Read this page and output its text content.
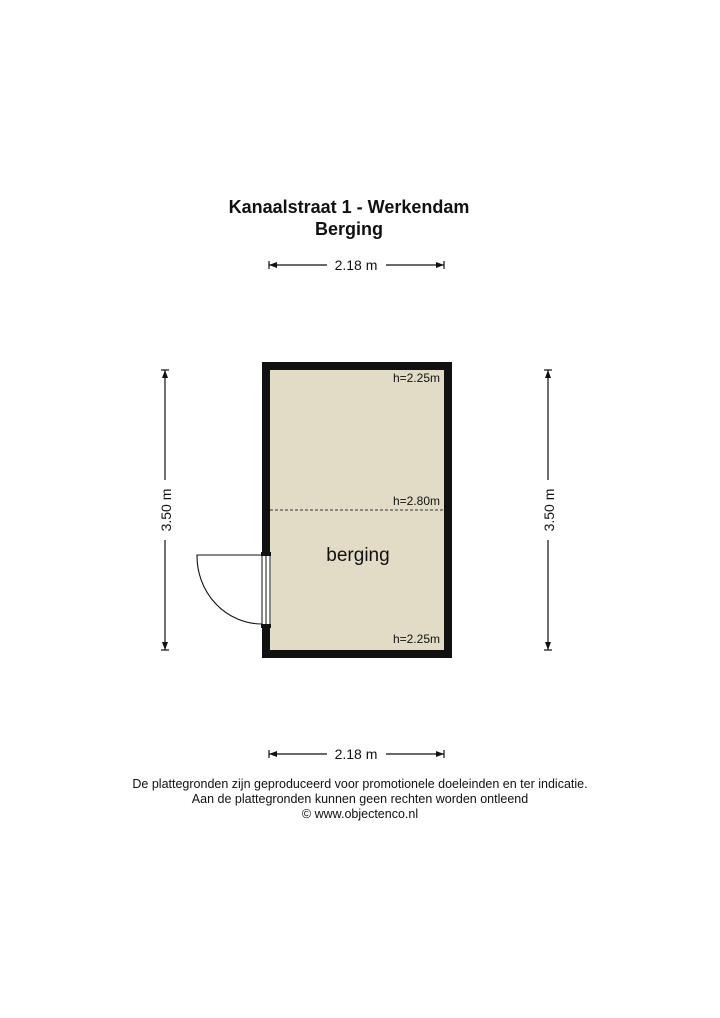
Kanaalstraat 1 - Werkendam
Berging
2.18 m
2.18 m
3.50 m	3.50 m
h=2.25m
h=2.80m
h=2.25m
berging
De plattegronden zijn geproduceerd voor promotionele doeleinden en ter indicatie.
Aan de plattegronden kunnen geen rechten worden ontleend
© www.objectenco.nl
